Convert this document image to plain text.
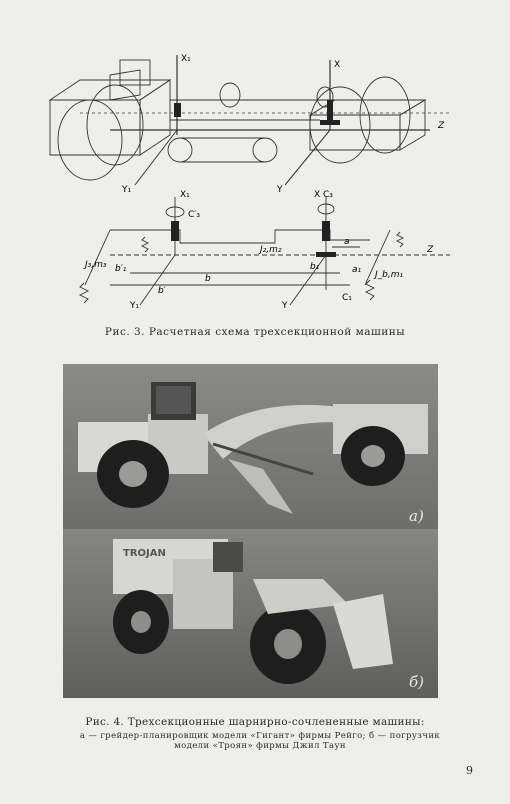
X₁
X
Z
Y₁	Y
X₁
C′₃
X C₃
Z
J₃,m₃
J₂,m₂
J_b,m₁
a
a₁
b
b₁
b′₁
b′
C₁
Y₁	Y
Рис. 3. Расчетная схема трехсекционной машины
TROJAN
а)
б)
Рис. 4. Трехсекционные шарнирно-сочлененные машины:
а — грейдер-планировщик модели «Гигант» фирмы Рейго; б — погрузчик
модели «Троян» фирмы Джил Таун
9
